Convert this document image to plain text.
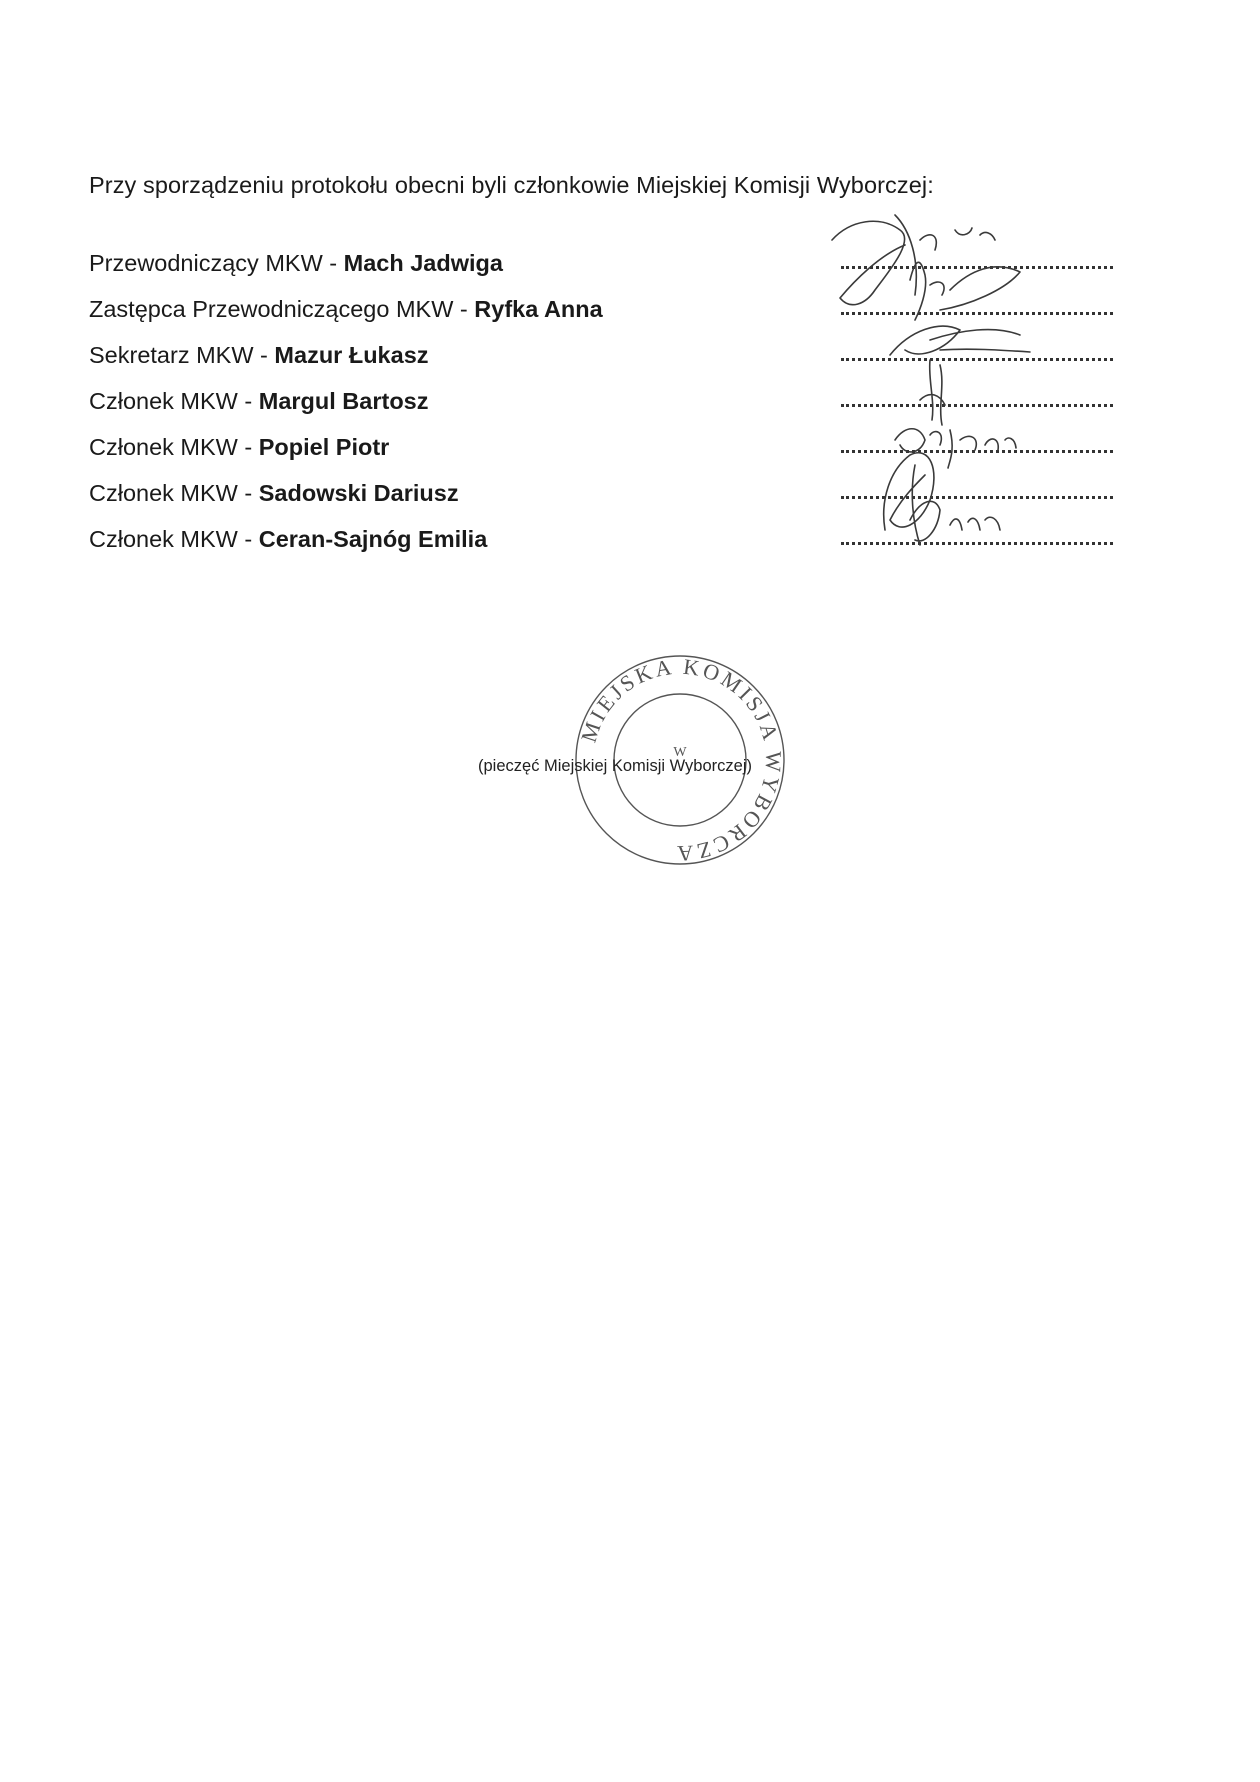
Przy sporządzeniu protokołu obecni byli członkowie Miejskiej Komisji Wyborczej:
Przewodniczący MKW - Mach Jadwiga
Zastępca Przewodniczącego MKW - Ryfka Anna
Sekretarz MKW - Mazur Łukasz
Członek MKW - Margul Bartosz
Członek MKW - Popiel Piotr
Członek MKW - Sadowski Dariusz
Członek MKW - Ceran-Sajnóg Emilia
MIEJSKA KOMISJA WYBORCZA
W
(pieczęć Miejskiej Komisji Wyborczej)
